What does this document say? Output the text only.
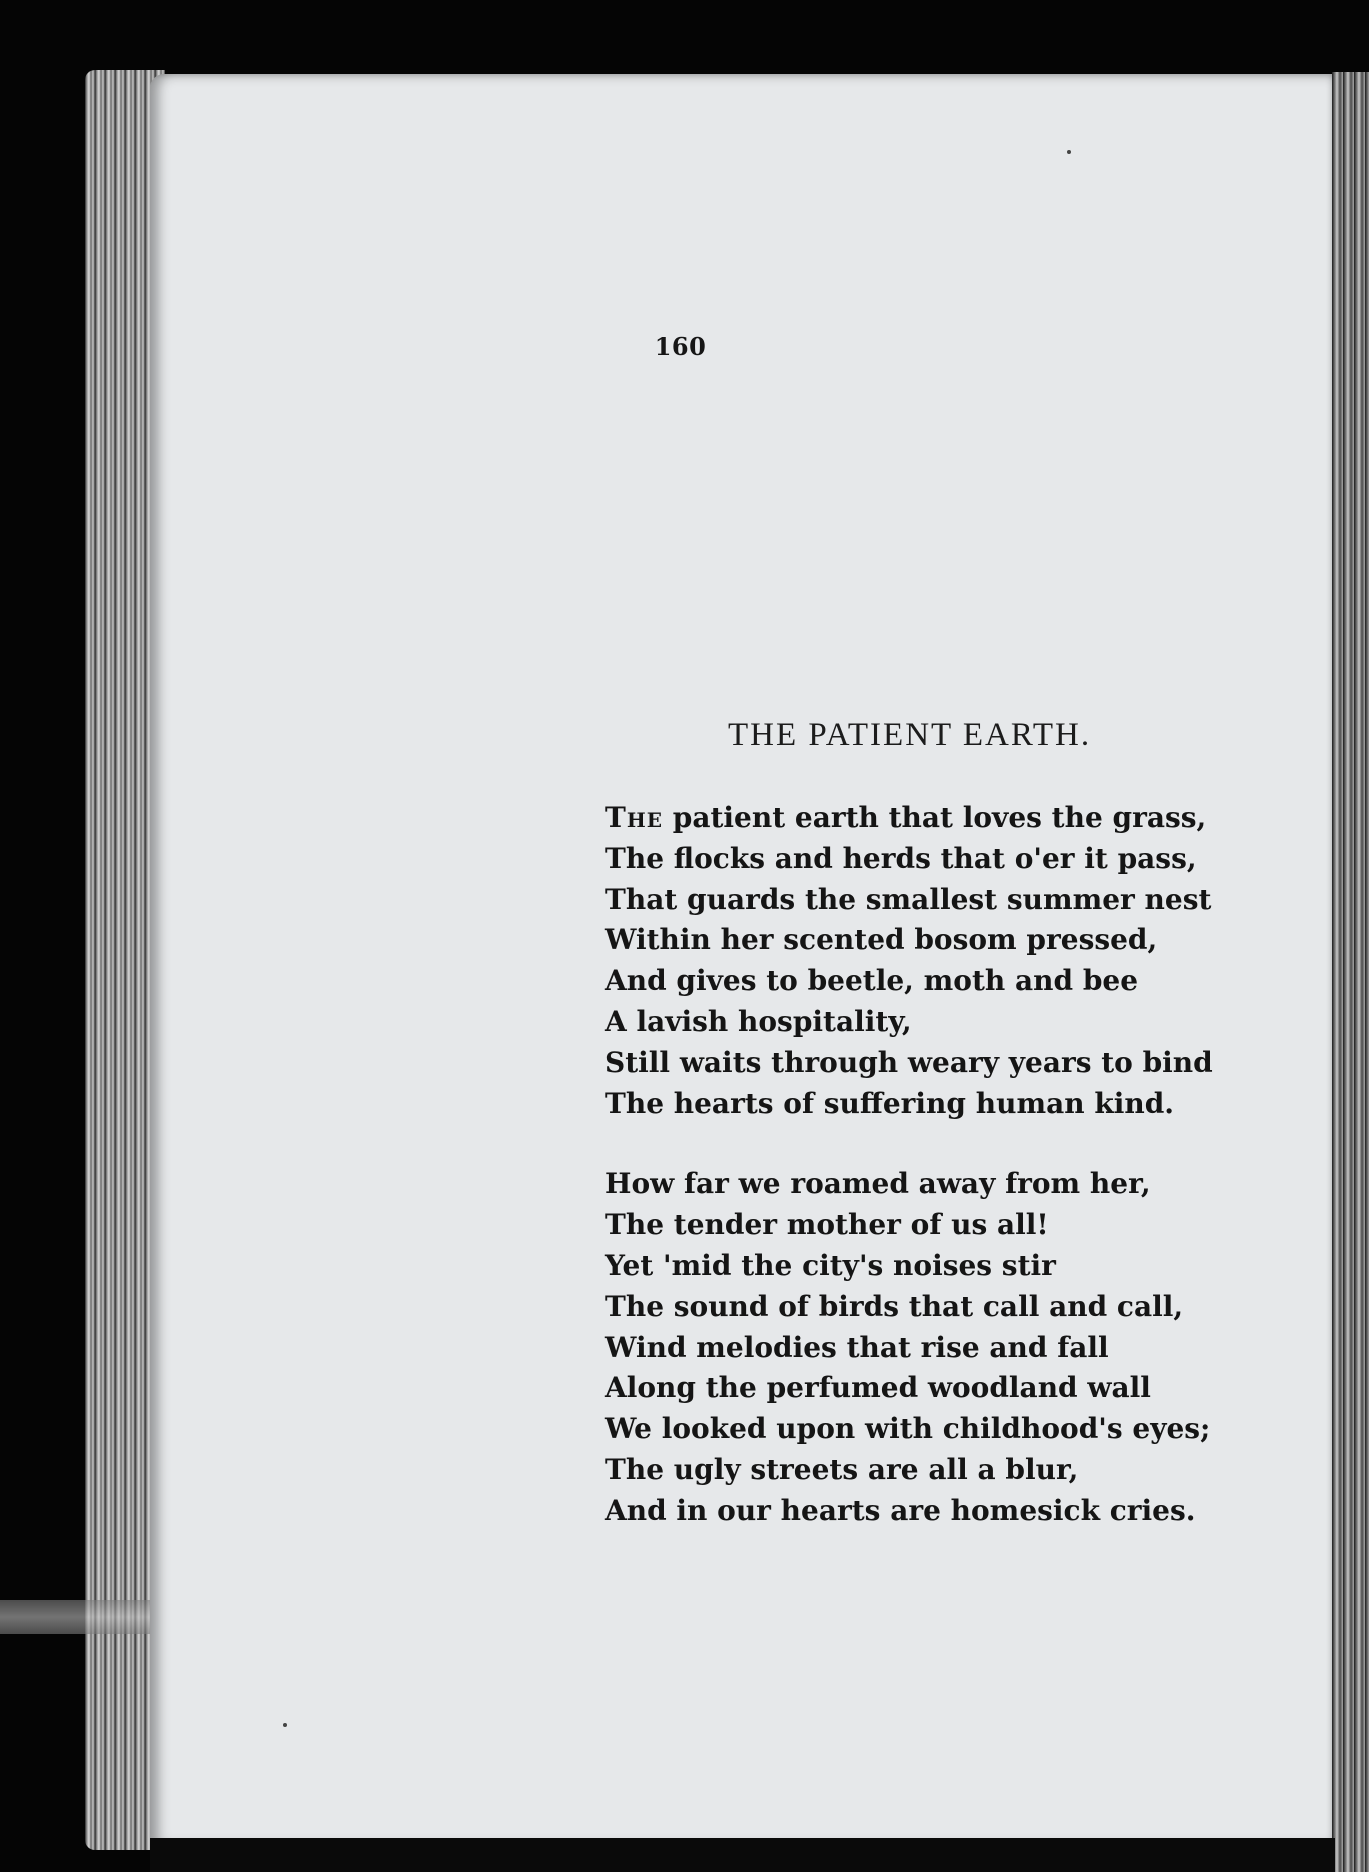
160
THE PATIENT EARTH.

The patient earth that loves the grass,
The flocks and herds that o'er it pass,
That guards the smallest summer nest
Within her scented bosom pressed,
And gives to beetle, moth and bee
A lavish hospitality,
Still waits through weary years to bind
The hearts of suffering human kind.

How far we roamed away from her,
The tender mother of us all!
Yet 'mid the city's noises stir
The sound of birds that call and call,
Wind melodies that rise and fall
Along the perfumed woodland wall
We looked upon with childhood's eyes;
The ugly streets are all a blur,
And in our hearts are homesick cries.
